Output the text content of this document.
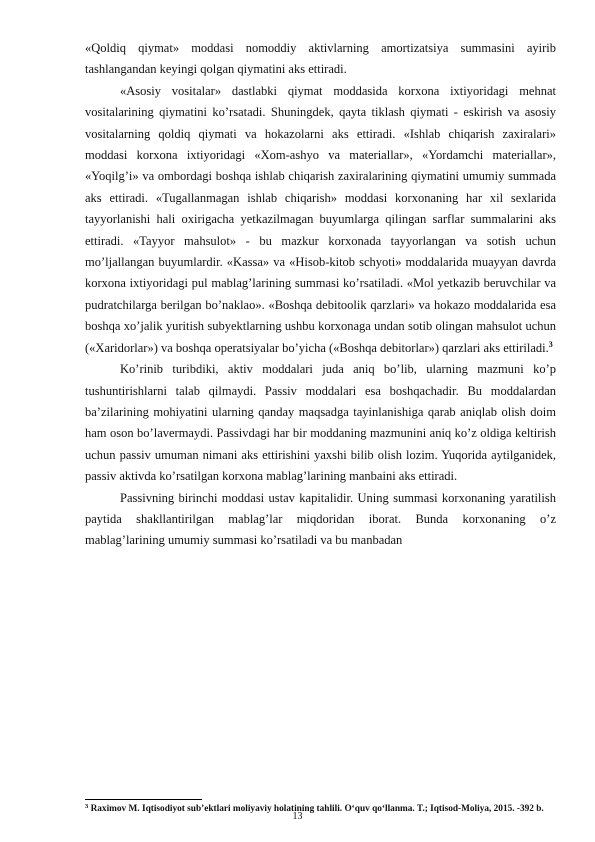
«Qoldiq qiymat» moddasi nomoddiy aktivlarning amortizatsiya summasini ayirib tashlangandan keyingi qolgan qiymatini aks ettiradi.

«Asosiy vositalar» dastlabki qiymat moddasida korxona ixtiyoridagi mehnat vositalarining qiymatini ko’rsatadi. Shuningdek, qayta tiklash qiymati - eskirish va asosiy vositalarning qoldiq qiymati va hokazolarni aks ettiradi. «Ishlab chiqarish zaxiralari» moddasi korxona ixtiyoridagi «Xom-ashyo va materiallar», «Yordamchi materiallar», «Yoqilg’i» va ombordagi boshqa ishlab chiqarish zaxiralarining qiymatini umumiy summada aks ettiradi. «Tugallanmagan ishlab chiqarish» moddasi korxonaning har xil sexlarida tayyorlanishi hali oxirigacha yetkazilmagan buyumlarga qilingan sarflar summalarini aks ettiradi. «Tayyor mahsulot» - bu mazkur korxonada tayyorlangan va sotish uchun mo’ljallangan buyumlardir. «Kassa» va «Hisob-kitob schyoti» moddalarida muayyan davrda korxona ixtiyoridagi pul mablag’larining summasi ko’rsatiladi. «Mol yetkazib beruvchilar va pudratchilarga berilgan bo’naklao». «Boshqa debitoolik qarzlari» va hokazo moddalarida esa boshqa xo’jalik yuritish subyektlarning ushbu korxonaga undan sotib olingan mahsulot uchun («Xaridorlar») va boshqa operatsiyalar bo’yicha («Boshqa debitorlar») qarzlari aks ettiriladi.$^3$

Ko’rinib turibdiki, aktiv moddalari juda aniq bo’lib, ularning mazmuni ko’p tushuntirishlarni talab qilmaydi. Passiv moddalari esa boshqachadir. Bu moddalardan ba’zilarining mohiyatini ularning qanday maqsadga tayinlanishiga qarab aniqlab olish doim ham oson bo’lavermaydi. Passivdagi har bir moddaning mazmunini aniq ko’z oldiga keltirish uchun passiv umuman nimani aks ettirishini yaxshi bilib olish lozim. Yuqorida aytilganidek, passiv aktivda ko’rsatilgan korxona mablag’larining manbaini aks ettiradi.

Passivning birinchi moddasi ustav kapitalidir. Uning summasi korxonaning yaratilish paytida shakllantirilgan mablag’lar miqdoridan iborat. Bunda korxonaning o’z mablag’larining umumiy summasi ko’rsatiladi va bu manbadan

$^3$ Raximov M. Iqtisodiyot sub’ektlari moliyaviy holatining tahlili. O‘quv qo‘llanma. T.; Iqtisod-Moliya, 2015. -392 b.
13
